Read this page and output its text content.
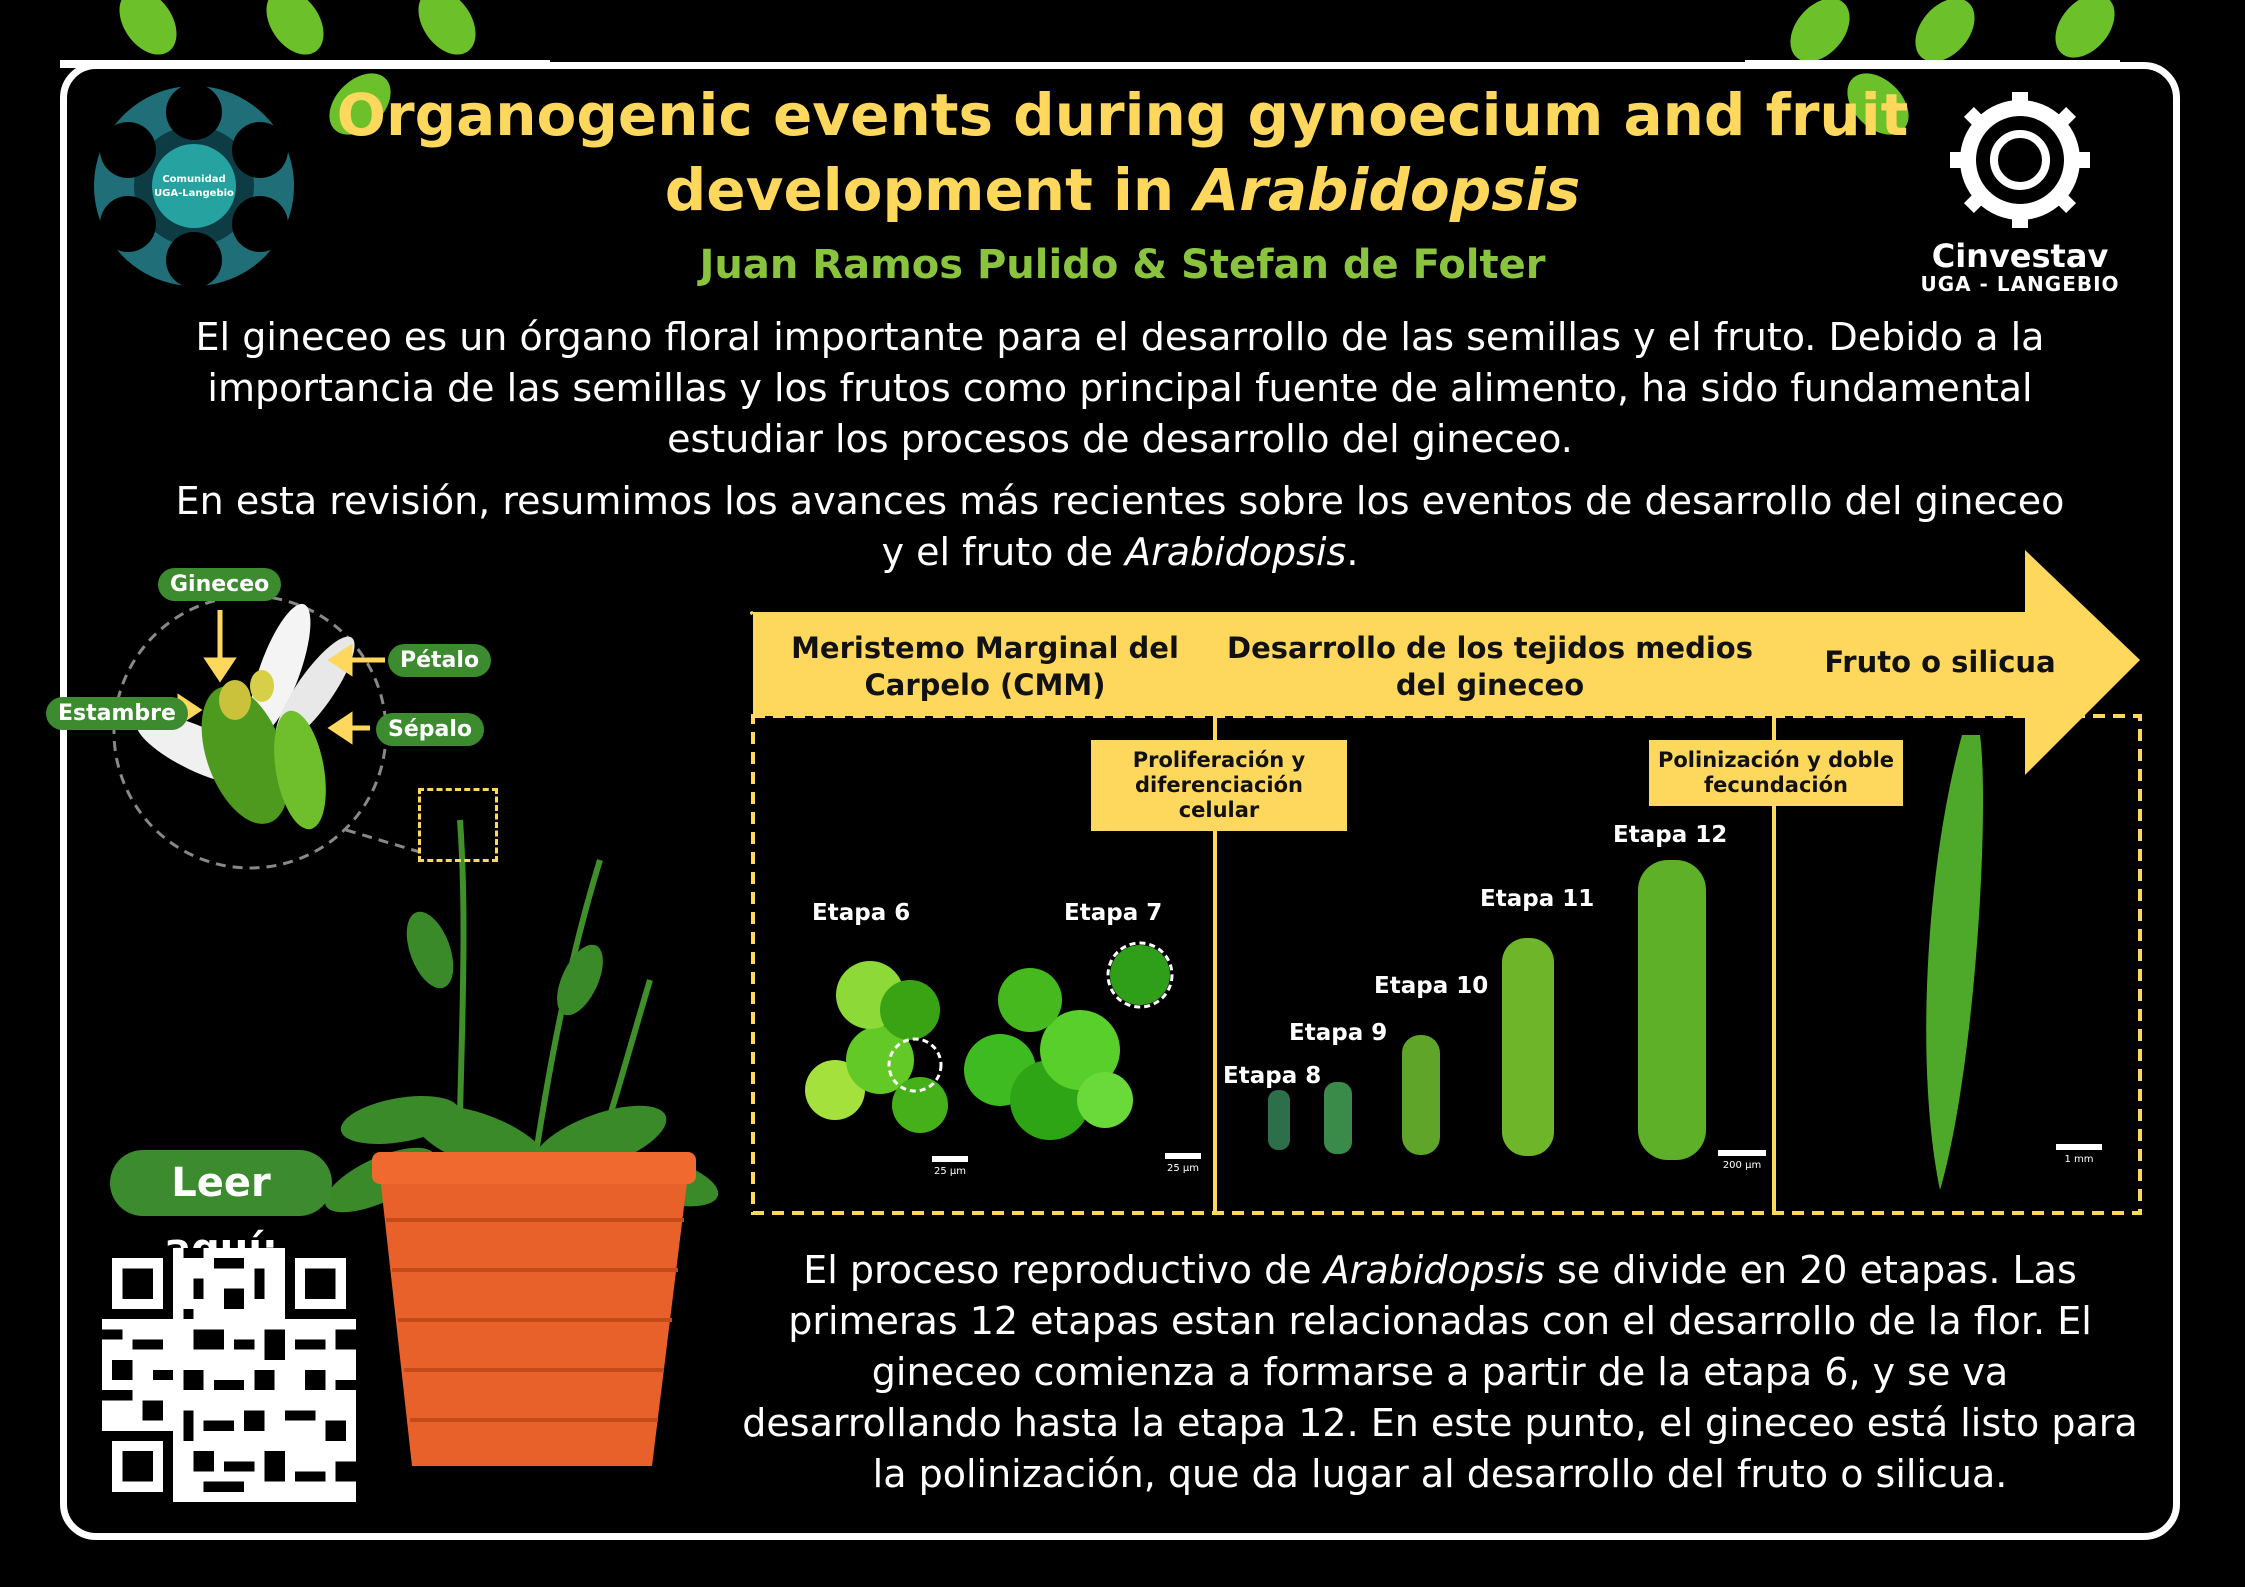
Comunidad
UGA-Langebio
Organogenic events during gynoecium and fruit
development in Arabidopsis
Juan Ramos Pulido & Stefan de Folter	Cinvestav
UGA - LANGEBIO
El gineceo es un órgano floral importante para el desarrollo de las semillas y el fruto. Debido a la importancia de las semillas y los frutos como principal fuente de alimento, ha sido fundamental estudiar los procesos de desarrollo del gineceo.
En esta revisión, resumimos los avances más recientes sobre los eventos de desarrollo del gineceo y el fruto de Arabidopsis.
Gineceo
Pétalo
Estambre
Sépalo
Meristemo Marginal del Carpelo (CMM)
Desarrollo de los tejidos medios del gineceo
Fruto o silicua
Proliferación y diferenciación celular
Polinización y doble fecundación
Etapa 6	Etapa 7
Etapa 8
Etapa 9
Etapa 10
Etapa 11
Etapa 12
25 µm	25 µm	200 µm
1 mm
Leer
El proceso reproductivo de Arabidopsis se divide en 20 etapas. Las primeras 12 etapas estan relacionadas con el desarrollo de la flor. El gineceo comienza a formarse a partir de la etapa 6, y se va desarrollando hasta la etapa 12. En este punto, el gineceo está listo para la polinización, que da lugar al desarrollo del fruto o silicua.
